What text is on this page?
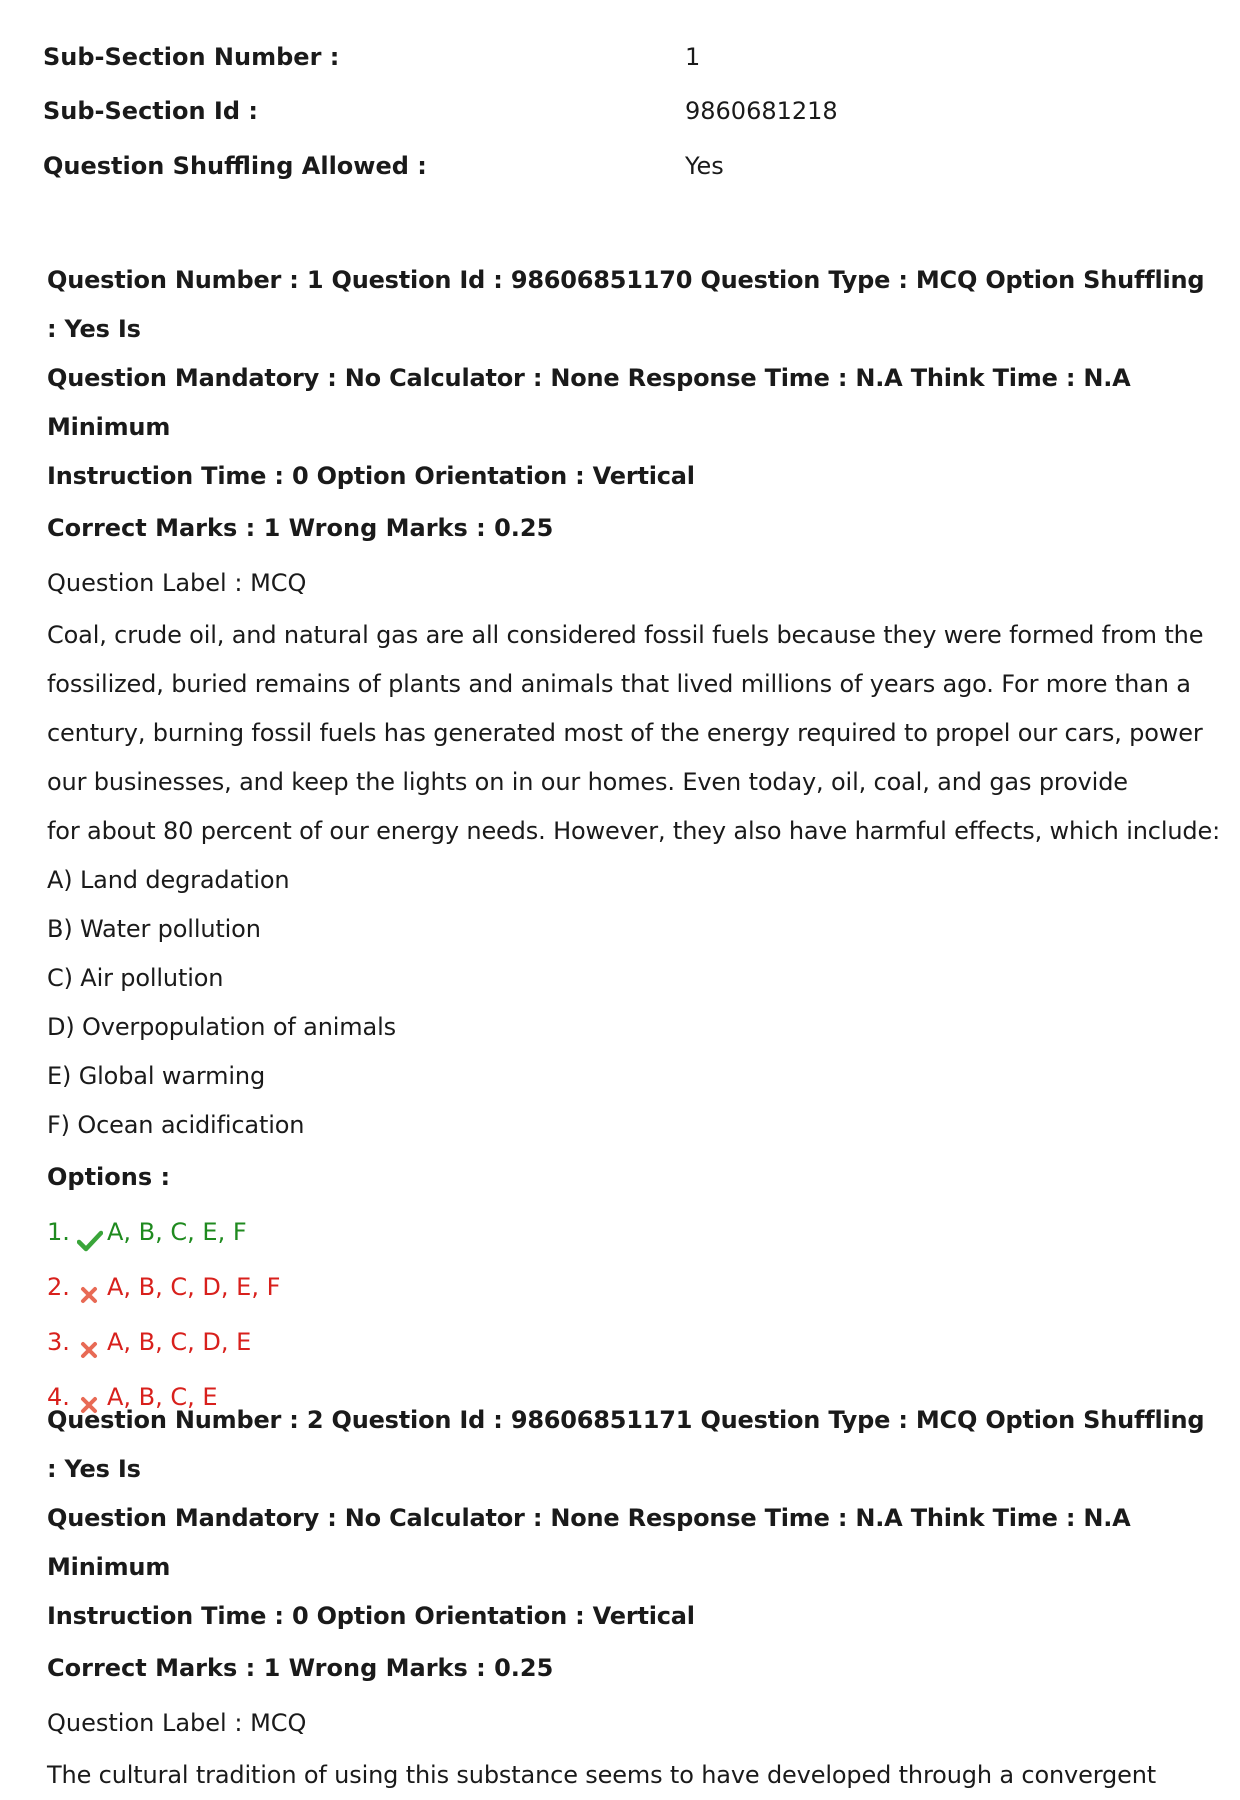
Sub-Section Number :	1
Sub-Section Id :	9860681218
Question Shuffling Allowed :	Yes

Question Number : 1 Question Id : 98606851170 Question Type : MCQ Option Shuffling : Yes Is

Question Mandatory : No Calculator : None Response Time : N.A Think Time : N.A Minimum

Instruction Time : 0 Option Orientation : Vertical

Correct Marks : 1 Wrong Marks : 0.25

Question Label : MCQ

Coal, crude oil, and natural gas are all considered fossil fuels because they were formed from the

fossilized, buried remains of plants and animals that lived millions of years ago. For more than a

century, burning fossil fuels has generated most of the energy required to propel our cars, power

our businesses, and keep the lights on in our homes. Even today, oil, coal, and gas provide

for about 80 percent of our energy needs. However, they also have harmful effects, which include:

A) Land degradation

B) Water pollution

C) Air pollution

D) Overpopulation of animals

E) Global warming

F) Ocean acidification

Options :

1. A, B, C, E, F
2. A, B, C, D, E, F
3. A, B, C, D, E
4. A, B, C, E

Question Number : 2 Question Id : 98606851171 Question Type : MCQ Option Shuffling : Yes Is

Question Mandatory : No Calculator : None Response Time : N.A Think Time : N.A Minimum

Instruction Time : 0 Option Orientation : Vertical

Correct Marks : 1 Wrong Marks : 0.25

Question Label : MCQ

The cultural tradition of using this substance seems to have developed through a convergent
